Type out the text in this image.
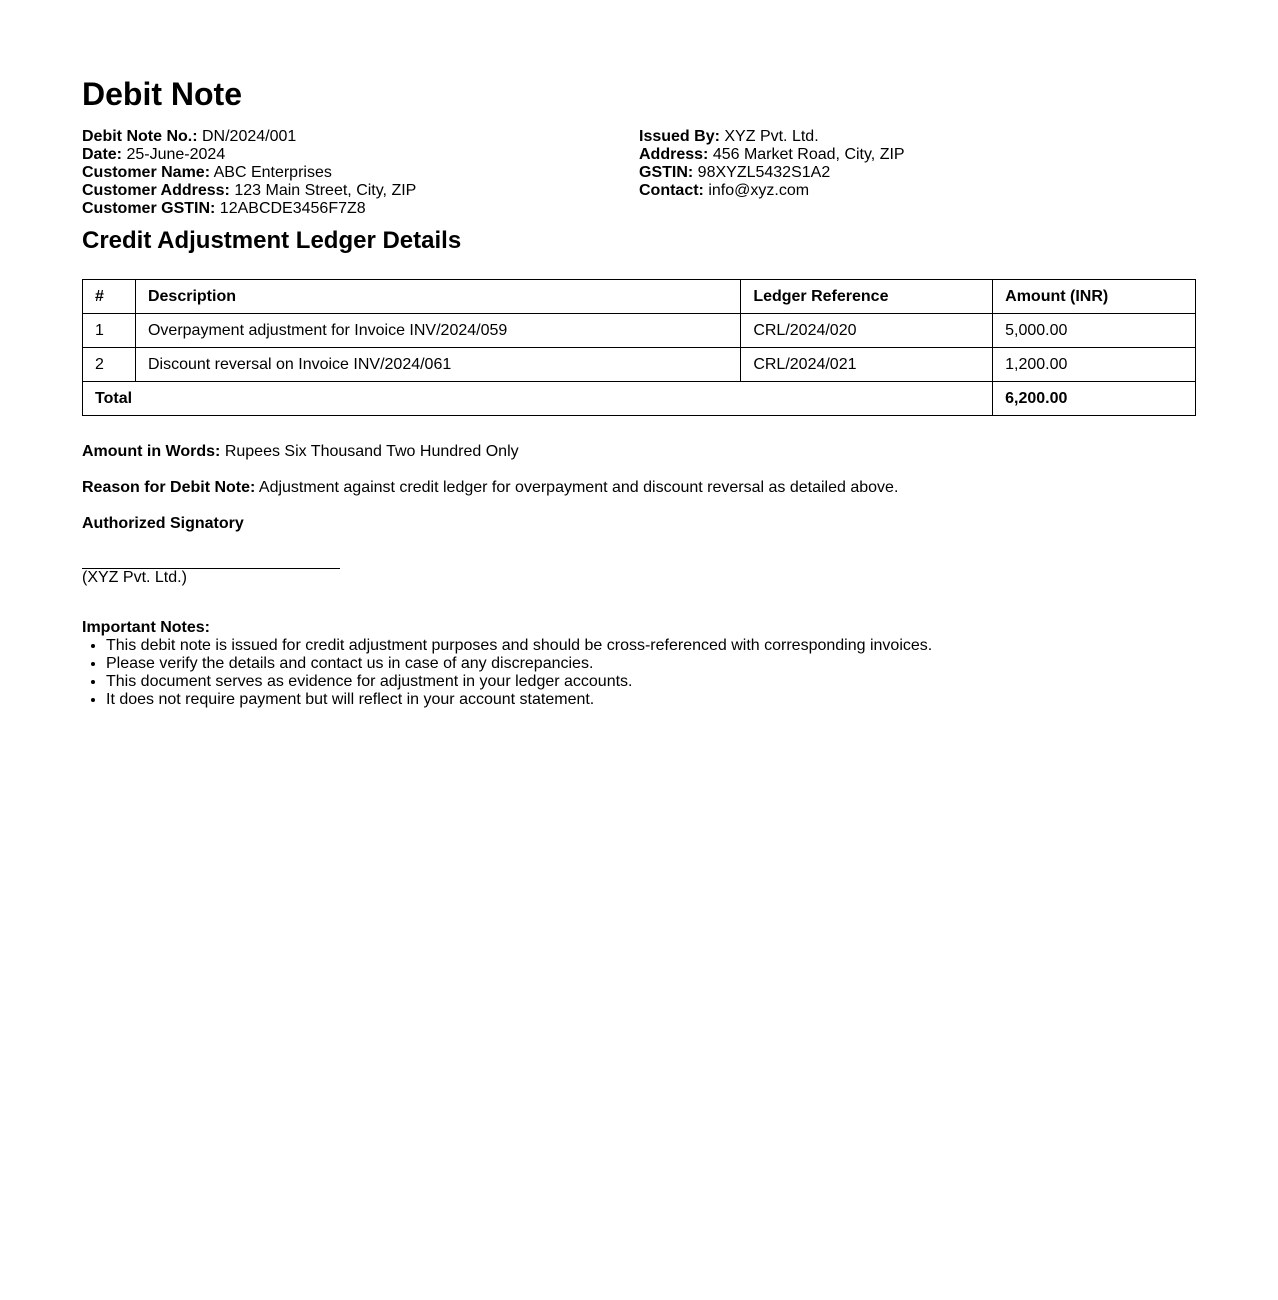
Debit Note
Debit Note No.: DN/2024/001
Date: 25-June-2024
Customer Name: ABC Enterprises
Customer Address: 123 Main Street, City, ZIP
Customer GSTIN: 12ABCDE3456F7Z8
Issued By: XYZ Pvt. Ltd.
Address: 456 Market Road, City, ZIP
GSTIN: 98XYZL5432S1A2
Contact: info@xyz.com
Credit Adjustment Ledger Details
#	Description	Ledger Reference	Amount (INR)
1	Overpayment adjustment for Invoice INV/2024/059	CRL/2024/020	5,000.00
2	Discount reversal on Invoice INV/2024/061	CRL/2024/021	1,200.00
Total			6,200.00
Amount in Words: Rupees Six Thousand Two Hundred Only
Reason for Debit Note: Adjustment against credit ledger for overpayment and discount reversal as detailed above.
Authorized Signatory
(XYZ Pvt. Ltd.)
Important Notes:
• This debit note is issued for credit adjustment purposes and should be cross-referenced with corresponding invoices.
• Please verify the details and contact us in case of any discrepancies.
• This document serves as evidence for adjustment in your ledger accounts.
• It does not require payment but will reflect in your account statement.
